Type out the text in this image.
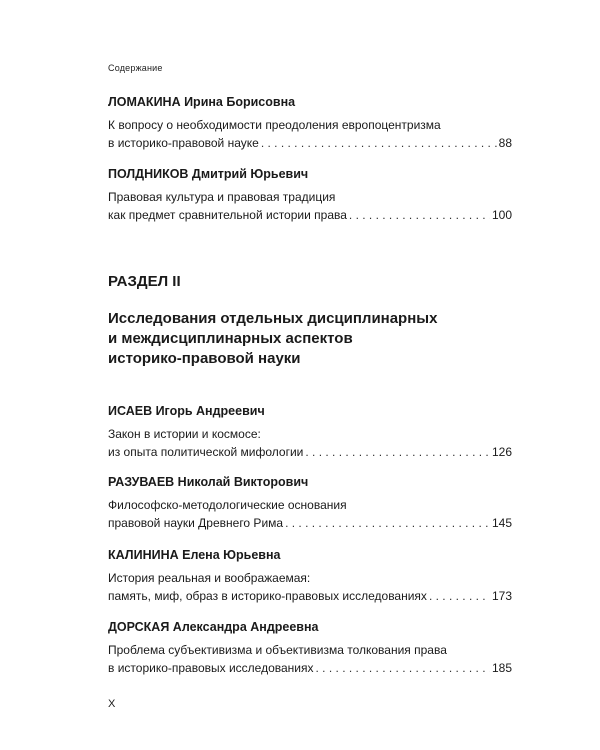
Содержание
ЛОМАКИНА Ирина Борисовна
К вопросу о необходимости преодоления европоцентризма
в историко-правовой науке . . .	88
ПОЛДНИКОВ Дмитрий Юрьевич
Правовая культура и правовая традиция
как предмет сравнительной истории права . . .	100
РАЗДЕЛ II
Исследования отдельных дисциплинарных
и междисциплинарных аспектов
историко-правовой науки
ИСАЕВ Игорь Андреевич
Закон в истории и космосе:
из опыта политической мифологии . . .	126
РАЗУВАЕВ Николай Викторович
Философско-методологические основания
правовой науки Древнего Рима . . .	145
КАЛИНИНА Елена Юрьевна
История реальная и воображаемая:
память, миф, образ в историко-правовых исследованиях . . .	173
ДОРСКАЯ Александра Андреевна
Проблема субъективизма и объективизма толкования права
в историко-правовых исследованиях . . .	185
X
